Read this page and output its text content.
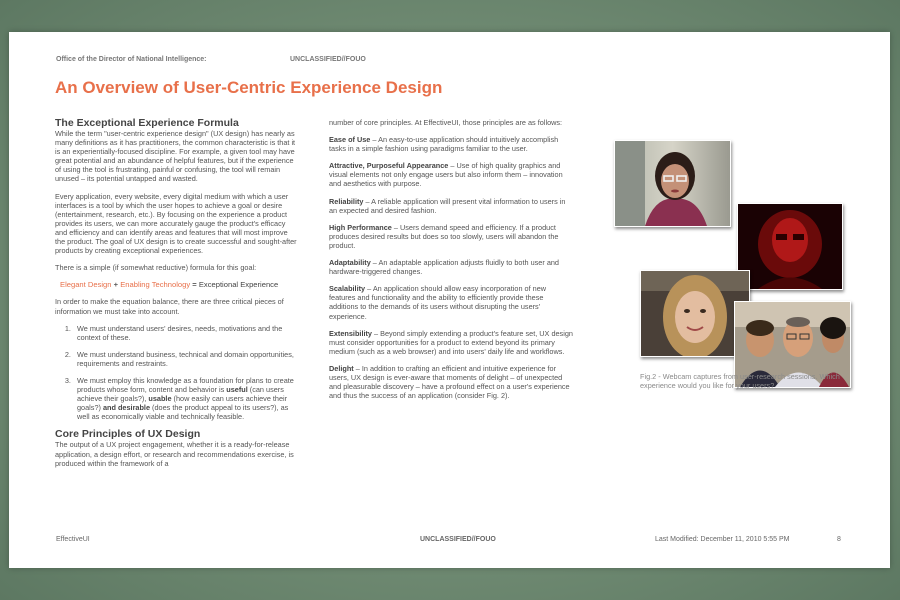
Office of the Director of National Intelligence:	UNCLASSIFIED//FOUO
An Overview of User-Centric Experience Design
The Exceptional Experience Formula

While the term "user-centric experience design" (UX design) has nearly as many definitions as it has practitioners, the common characteristic is that it is an experientially-focused discipline. For example, a given tool may have great potential and an abundance of helpful features, but if the experience of using the tool is frustrating, painful or confusing, the tool will remain unused – its potential untapped and wasted.

Every application, every website, every digital medium with which a user interfaces is a tool by which the user hopes to achieve a goal or desire (entertainment, research, etc.). By focusing on the experience a product provides its users, we can more accurately gauge the product's efficacy and efficiency and can identify areas and features that will most improve the product. The goal of UX design is to create successful and sought-after products by creating exceptional experiences.

There is a simple (if somewhat reductive) formula for this goal:

Elegant Design + Enabling Technology = Exceptional Experience

In order to make the equation balance, there are three critical pieces of information we must take into account.

1. We must understand users' desires, needs, motivations and the context of these.
2. We must understand business, technical and domain opportunities, requirements and restraints.
3. We must employ this knowledge as a foundation for plans to create products whose form, content and behavior is useful (can users achieve their goals?), usable (how easily can users achieve their goals?) and desirable (does the product appeal to its users?), as well as economically viable and technically feasible.
Core Principles of UX Design

The output of a UX project engagement, whether it is a ready-for-release application, a design effort, or research and recommendations exercise, is produced within the framework of a

number of core principles. At EffectiveUI, those principles are as follows:

Ease of Use – An easy-to-use application should intuitively accomplish tasks in a simple fashion using paradigms familiar to the user.

Attractive, Purposeful Appearance – Use of high quality graphics and visual elements not only engage users but also inform them – innovation and aesthetics with purpose.

Reliability – A reliable application will present vital information to users in an expected and desired fashion.

High Performance – Users demand speed and efficiency. If a product produces desired results but does so too slowly, users will abandon the product.

Adaptability – An adaptable application adjusts fluidly to both user and hardware-triggered changes.

Scalability – An application should allow easy incorporation of new features and functionality and the ability to efficiently provide these additions to the demands of its users without disrupting the users' experience.

Extensibility – Beyond simply extending a product's feature set, UX design must consider opportunities for a product to extend beyond its primary medium (such as a web browser) and into users' daily life and workflows.

Delight – In addition to crafting an efficient and intuitive experience for users, UX design is ever-aware that moments of delight – of unexpected and pleasurable discovery – have a profound effect on a user's experience and thus the success of an application (consider Fig. 2).

Fig.2 - Webcam captures from user-research sessions. Which experience would you like for your users?
EffectiveUI	UNCLASSIFIED//FOUO	Last Modified: December 11, 2010 5:55 PM	8
